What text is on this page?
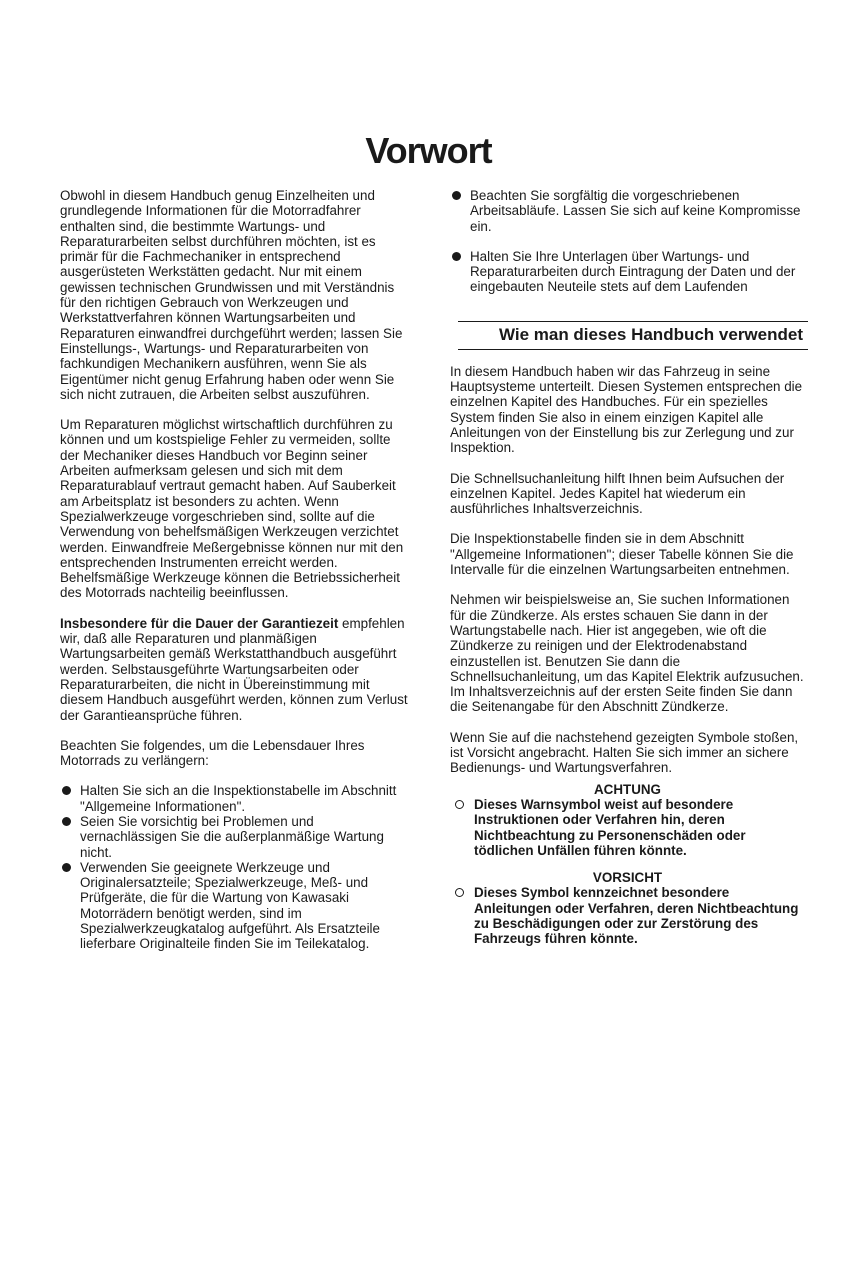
Vorwort

Obwohl in diesem Handbuch genug Einzelheiten und grundlegende Informationen für die Motorradfahrer enthalten sind, die bestimmte Wartungs- und Reparaturarbeiten selbst durchführen möchten, ist es primär für die Fachmechaniker in entsprechend ausgerüsteten Werkstätten gedacht. Nur mit einem gewissen technischen Grundwissen und mit Verständnis für den richtigen Gebrauch von Werkzeugen und Werkstattverfahren können Wartungsarbeiten und Reparaturen einwandfrei durchgeführt werden; lassen Sie Einstellungs-, Wartungs- und Reparaturarbeiten von fachkundigen Mechanikern ausführen, wenn Sie als Eigentümer nicht genug Erfahrung haben oder wenn Sie sich nicht zutrauen, die Arbeiten selbst auszuführen.

Um Reparaturen möglichst wirtschaftlich durchführen zu können und um kostspielige Fehler zu vermeiden, sollte der Mechaniker dieses Handbuch vor Beginn seiner Arbeiten aufmerksam gelesen und sich mit dem Reparaturablauf vertraut gemacht haben. Auf Sauberkeit am Arbeitsplatz ist besonders zu achten. Wenn Spezialwerkzeuge vorgeschrieben sind, sollte auf die Verwendung von behelfsmäßigen Werkzeugen verzichtet werden. Einwandfreie Meßergebnisse können nur mit den entsprechenden Instrumenten erreicht werden. Behelfsmäßige Werkzeuge können die Betriebssicherheit des Motorrads nachteilig beeinflussen.

Insbesondere für die Dauer der Garantiezeit empfehlen wir, daß alle Reparaturen und planmäßigen Wartungsarbeiten gemäß Werkstatthandbuch ausgeführt werden. Selbstausgeführte Wartungsarbeiten oder Reparaturarbeiten, die nicht in Übereinstimmung mit diesem Handbuch ausgeführt werden, können zum Verlust der Garantieansprüche führen.

Beachten Sie folgendes, um die Lebensdauer Ihres Motorrads zu verlängern:

Halten Sie sich an die Inspektionstabelle im Abschnitt "Allgemeine Informationen".
Seien Sie vorsichtig bei Problemen und vernachlässigen Sie die außerplanmäßige Wartung nicht.
Verwenden Sie geeignete Werkzeuge und Originalersatzteile; Spezialwerkzeuge, Meß- und Prüfgeräte, die für die Wartung von Kawasaki Motorrädern benötigt werden, sind im Spezialwerkzeugkatalog aufgeführt. Als Ersatzteile lieferbare Originalteile finden Sie im Teilekatalog.
Beachten Sie sorgfältig die vorgeschriebenen Arbeitsabläufe. Lassen Sie sich auf keine Kompromisse ein.
Halten Sie Ihre Unterlagen über Wartungs- und Reparaturarbeiten durch Eintragung der Daten und der eingebauten Neuteile stets auf dem Laufenden
Wie man dieses Handbuch verwendet

In diesem Handbuch haben wir das Fahrzeug in seine Hauptsysteme unterteilt. Diesen Systemen entsprechen die einzelnen Kapitel des Handbuches. Für ein spezielles System finden Sie also in einem einzigen Kapitel alle Anleitungen von der Einstellung bis zur Zerlegung und zur Inspektion.

Die Schnellsuchanleitung hilft Ihnen beim Aufsuchen der einzelnen Kapitel. Jedes Kapitel hat wiederum ein ausführliches Inhaltsverzeichnis.

Die Inspektionstabelle finden sie in dem Abschnitt "Allgemeine Informationen"; dieser Tabelle können Sie die Intervalle für die einzelnen Wartungsarbeiten entnehmen.

Nehmen wir beispielsweise an, Sie suchen Informationen für die Zündkerze. Als erstes schauen Sie dann in der Wartungstabelle nach. Hier ist angegeben, wie oft die Zündkerze zu reinigen und der Elektrodenabstand einzustellen ist. Benutzen Sie dann die Schnellsuchanleitung, um das Kapitel Elektrik aufzusuchen. Im Inhaltsverzeichnis auf der ersten Seite finden Sie dann die Seitenangabe für den Abschnitt Zündkerze.

Wenn Sie auf die nachstehend gezeigten Symbole stoßen, ist Vorsicht angebracht. Halten Sie sich immer an sichere Bedienungs- und Wartungsverfahren.

ACHTUNG
Dieses Warnsymbol weist auf besondere Instruktionen oder Verfahren hin, deren Nichtbeachtung zu Personenschäden oder tödlichen Unfällen führen könnte.
VORSICHT
Dieses Symbol kennzeichnet besondere Anleitungen oder Verfahren, deren Nichtbeachtung zu Beschädigungen oder zur Zerstörung des Fahrzeugs führen könnte.
